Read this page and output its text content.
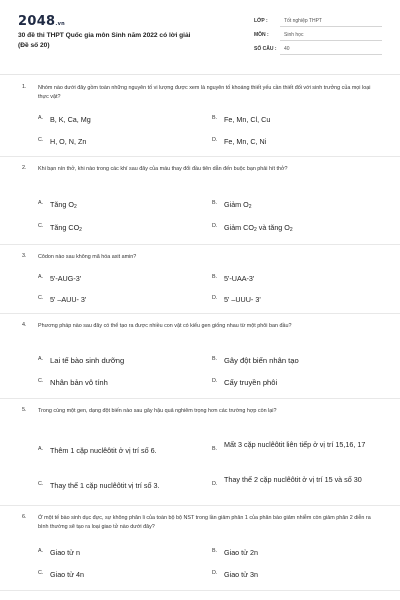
2048.vn
30 đề thi THPT Quốc gia môn Sinh năm 2022 có lời giải
(Đề số 20)
LỚP :	Tốt nghiệp THPT
MÔN :	Sinh học
SỐ CÂU : 40
1. Nhóm nào dưới đây gồm toàn những nguyên tố vi lượng được xem là nguyên tố khoáng thiết yếu cần thiết đối với sinh trưởng của mọi loại thực vật?
A. B, K, Ca, Mg	B. Fe, Mn, Cl, Cu
C. H, O, N, Zn	D. Fe, Mn, C, Ni
2. Khi bạn nín thở, khi nào trong các khí sau đây của máu thay đổi đầu tiên dẫn đến buộc bạn phải hít thở?
A. Tăng $O_2$
B. Giảm $O_2$
C. Tăng $CO_2$
D. Giảm $CO_2$ và tăng $O_2$
3. Côdon nào sau không mã hóa axit amin?
A. 5'-AUG-3'	B. 5'-UAA-3'
C. 5' –AUU- 3'	D. 5' –UUU- 3'
4. Phương pháp nào sau đây có thể tạo ra được nhiều con vật có kiểu gen giống nhau từ một phôi ban đầu?
A. Lai tế bào sinh dưỡng	B. Gây đột biến nhân tạo
C. Nhân bản vô tính	D. Cấy truyền phôi
5. Trong cùng một gen, dạng đột biến nào sau gây hậu quả nghiêm trọng hơn các trường hợp còn lại?
A. Thêm 1 cặp nuclêôtit ở vị trí số 6.	B. Mất 3 cặp nuclêôtit liên tiếp ở vị trí 15,16, 17
C. Thay thế 1 cặp nuclêôtit vị trí số 3.	D. Thay thế 2 cặp nuclêôtit ở vị trí 15 và số 30
6. Ở một tế bào sinh dục đực, sự không phân li của toàn bộ bộ NST trong lần giảm phân 1 của phân bào giảm nhiễm còn giảm phân 2 diễn ra bình thường sẽ tạo ra loại giao tử nào dưới đây?
A. Giao tử n	B. Giao tử 2n
C. Giao tử 4n	D. Giao tử 3n
